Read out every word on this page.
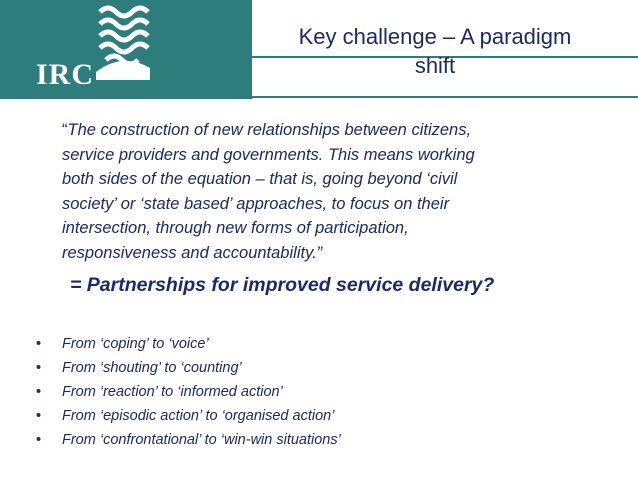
IRC
Key challenge – A paradigm
shift
“The construction of new relationships between citizens,
service providers and governments. This means working
both sides of the equation – that is, going beyond ‘civil
society’ or ‘state based’ approaches, to focus on their
intersection, through new forms of participation,
responsiveness and accountability.”
= Partnerships for improved service delivery?
• From ‘coping’ to ‘voice’
• From ‘shouting’ to ‘counting’
• From ‘reaction’ to ‘informed action’
• From ‘episodic action’ to ‘organised action’
• From ‘confrontational’ to ‘win-win situations’
